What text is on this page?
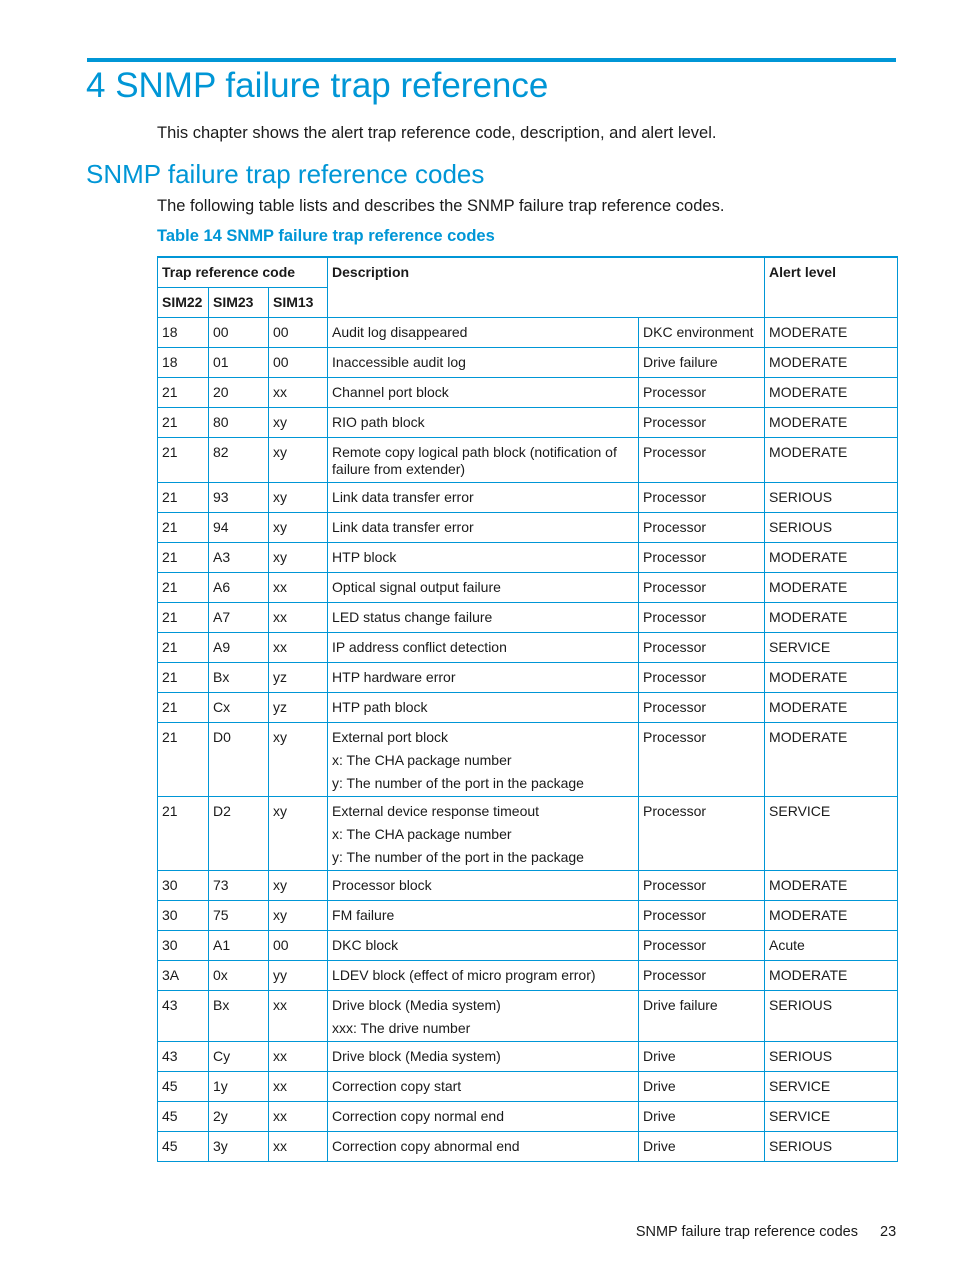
4 SNMP failure trap reference

This chapter shows the alert trap reference code, description, and alert level.

SNMP failure trap reference codes

The following table lists and describes the SNMP failure trap reference codes.

Table 14 SNMP failure trap reference codes

Trap reference code			Description		Alert level
SIM22	SIM23	SIM13			
18	00	00	Audit log disappeared	DKC environment	MODERATE
18	01	00	Inaccessible audit log	Drive failure	MODERATE
21	20	xx	Channel port block	Processor	MODERATE
21	80	xy	RIO path block	Processor	MODERATE
21	82	xy	Remote copy logical path block (notification of failure from extender)	Processor	MODERATE
21	93	xy	Link data transfer error	Processor	SERIOUS
21	94	xy	Link data transfer error	Processor	SERIOUS
21	A3	xy	HTP block	Processor	MODERATE
21	A6	xx	Optical signal output failure	Processor	MODERATE
21	A7	xx	LED status change failure	Processor	MODERATE
21	A9	xx	IP address conflict detection	Processor	SERVICE
21	Bx	yz	HTP hardware error	Processor	MODERATE
21	Cx	yz	HTP path block	Processor	MODERATE
21	D0	xy	External port block
x: The CHA package number
y: The number of the port in the package	Processor	MODERATE
21	D2	xy	External device response timeout
x: The CHA package number
y: The number of the port in the package	Processor	SERVICE
30	73	xy	Processor block	Processor	MODERATE
30	75	xy	FM failure	Processor	MODERATE
30	A1	00	DKC block	Processor	Acute
3A	0x	yy	LDEV block (effect of micro program error)	Processor	MODERATE
43	Bx	xx	Drive block (Media system)
xxx: The drive number	Drive failure	SERIOUS
43	Cy	xx	Drive block (Media system)	Drive	SERIOUS
45	1y	xx	Correction copy start	Drive	SERVICE
45	2y	xx	Correction copy normal end	Drive	SERVICE
45	3y	xx	Correction copy abnormal end	Drive	SERIOUS

SNMP failure trap reference codes 23
